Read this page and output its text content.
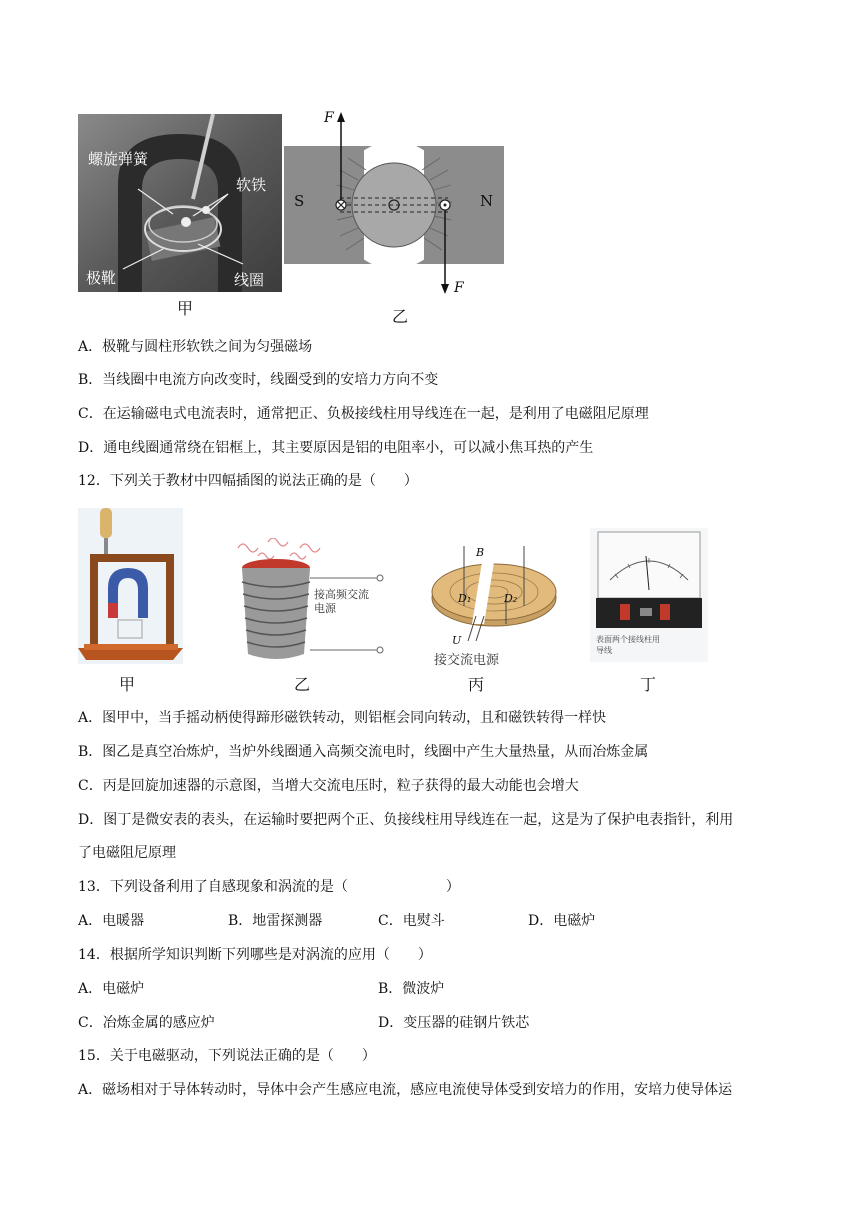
螺旋弹簧
软铁
极靴	线圈
甲
F
F
S	N
乙
A．极靴与圆柱形软铁之间为匀强磁场
B．当线圈中电流方向改变时，线圈受到的安培力方向不变
C．在运输磁电式电流表时，通常把正、负极接线柱用导线连在一起，是利用了电磁阻尼原理
D．通电线圈通常绕在铝框上，其主要原因是铝的电阻率小，可以减小焦耳热的产生
12．下列关于教材中四幅插图的说法正确的是（　　）
甲
接高频交流电源
乙
B
D₁	D₂
U
接交流电源
丙
表面两个接线柱用导线
丁
A．图甲中，当手摇动柄使得蹄形磁铁转动，则铝框会同向转动，且和磁铁转得一样快
B．图乙是真空冶炼炉，当炉外线圈通入高频交流电时，线圈中产生大量热量，从而冶炼金属
C．丙是回旋加速器的示意图，当增大交流电压时，粒子获得的最大动能也会增大
D．图丁是微安表的表头，在运输时要把两个正、负接线柱用导线连在一起，这是为了保护电表指针，利用
了电磁阻尼原理
13．下列设备利用了自感现象和涡流的是（　　　　　　　）
A．电暖器	B．地雷探测器	C．电熨斗	D．电磁炉
14．根据所学知识判断下列哪些是对涡流的应用（　　）
A．电磁炉	B．微波炉
C．冶炼金属的感应炉	D．变压器的硅钢片铁芯
15．关于电磁驱动，下列说法正确的是（　　）
A．磁场相对于导体转动时，导体中会产生感应电流，感应电流使导体受到安培力的作用，安培力使导体运
